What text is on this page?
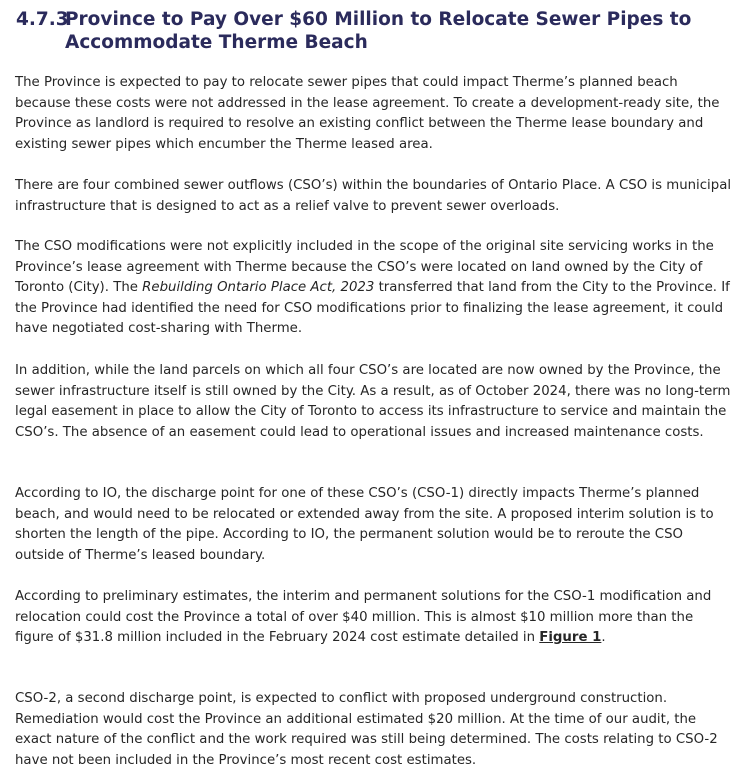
4.7.3Province to Pay Over $60 Million to Relocate Sewer Pipes to
Accommodate Therme Beach

The Province is expected to pay to relocate sewer pipes that could impact Therme’s planned beach because these costs were not addressed in the lease agreement. To create a development-ready site, the Province as landlord is required to resolve an existing conflict between the Therme lease boundary and existing sewer pipes which encumber the Therme leased area.

There are four combined sewer outflows (CSO’s) within the boundaries of Ontario Place. A CSO is municipal infrastructure that is designed to act as a relief valve to prevent sewer overloads.

The CSO modifications were not explicitly included in the scope of the original site servicing works in the Province’s lease agreement with Therme because the CSO’s were located on land owned by the City of Toronto (City). The Rebuilding Ontario Place Act, 2023 transferred that land from the City to the Province. If the Province had identified the need for CSO modifications prior to finalizing the lease agreement, it could have negotiated cost-sharing with Therme.

In addition, while the land parcels on which all four CSO’s are located are now owned by the Province, the sewer infrastructure itself is still owned by the City. As a result, as of October 2024, there was no long-term legal easement in place to allow the City of Toronto to access its infrastructure to service and maintain the CSO’s. The absence of an easement could lead to operational issues and increased maintenance costs.

According to IO, the discharge point for one of these CSO’s (CSO-1) directly impacts Therme’s planned beach, and would need to be relocated or extended away from the site. A proposed interim solution is to shorten the length of the pipe. According to IO, the permanent solution would be to reroute the CSO outside of Therme’s leased boundary.

According to preliminary estimates, the interim and permanent solutions for the CSO-1 modification and relocation could cost the Province a total of over $40 million. This is almost $10 million more than the figure of $31.8 million included in the February 2024 cost estimate detailed in Figure 1.

CSO-2, a second discharge point, is expected to conflict with proposed underground construction. Remediation would cost the Province an additional estimated $20 million. At the time of our audit, the exact nature of the conflict and the work required was still being determined. The costs relating to CSO-2 have not been included in the Province’s most recent cost estimates.
